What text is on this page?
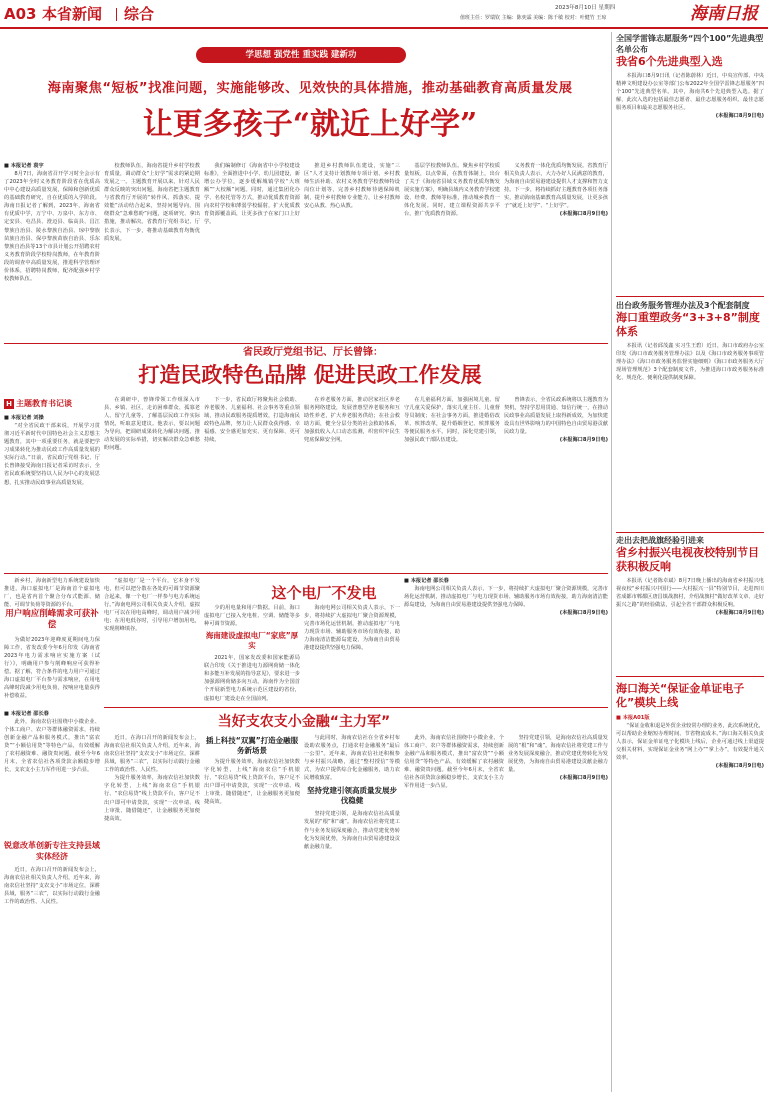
A03 本省新闻 综合	2023年8月10日 星期四
值班主任：罗瑞钦 主编：陈奕霖 美编：陈千敏 校对：叶健竹 王琼	海南日报
学思想 强党性 重实践 建新功
海南聚焦“短板”找准问题，实施能够改、见效快的具体措施，推动基础教育高质量发展
让更多孩子“就近上好学”
■ 本报记者 袁宇

8月7日，海南省召开学习时全会示有了2023年全时义务教育阶段省在优质高中中心建设高质量发展，保障和创新优质的基础教育研究，自在优质的入学阶段。海南日报记者了解到，2023年，海南省有优质中学，万宁中、万泉中、东方市、定安县、屯昌县、澄迈县、临高县、昌江黎族自治县、陵水黎族自治县、琼中黎族苗族自治县、保亭黎族苗族自治县、乐东黎族自治县等13个市县计划公开招聘农村义务教育阶段学校特岗教师，在年教育阶段的调查中高质量发展，推进科学管理评价体系，招聘特岗教师，配齐配强乡村学校教师队伍。

校教师队伍，海南省提升乡村学校教育质量，调动群众“上好学”需求的紧迫期发展之一。主题教育开展以来，针对人民群众反映的突出问题，海南省把主题教育与省教育厅开展的“转作风、抓落实、提效能”活动结合起来，坚持问题导向，围绕群众“急难愁盼”问题，逐项研究、拿出措施，推动解决。省教育厅党组书记、厅长表示，下一步，将推动基础教育均衡优质发展。

我们编制修订《海南省中小学校建设标准》，全面推进中小学、幼儿园建设，新增公办学位，逐步缓解城镇学校“大班额”“大校额”问题。同时，通过集团化办学、名校托管等方式，推动优质教育资源向农村学校和薄弱学校辐射，扩大优质教育资源覆盖面，让更多孩子在家门口上好学。

推进乡村教师队伍建设，实施“三区”人才支持计划教师专项计划、乡村教师生活补助、农村义务教育学校教师特设岗位计划等，完善乡村教师待遇保障机制，提升乡村教师专业能力，让乡村教师安心从教、热心从教。

基层学校教师队伍。聚焦乡村学校质量短板，以点带面，在教育体制上，出台了关于《海南省县域义务教育优质均衡发展实施方案》，明确县域内义务教育学校建设、经费、教师等标准，推动城乡教育一体化发展。同时，建立课程资源共享平台，推广优质教育资源。

义务教育一体化优质均衡发展。省教育厅相关负责人表示，大力办好人民满意的教育，为海南自由贸易港建设提供人才支撑和智力支持。下一步，将持续抓好主题教育各项任务落实，推动海南基础教育高质量发展，让更多孩子“就近上好学”、“上好学”。

(本报海口8月9日电)
省民政厅党组书记、厅长曾锋：
打造民政特色品牌 促进民政工作发展
H 主题教育书记谈
■ 本报记者 刘操

“对全省民政干部来说，开展学习贯彻习近平新时代中国特色社会主义思想主题教育，其中一项重要任务，就是要把学习成果转化为推动民政工作高质量发展的实际行动。”日前，省民政厅党组书记、厅长曾锋接受海南日报记者采访时表示，全省民政系统要坚持以人民为中心的发展思想，扎实推动民政事业高质量发展。

在调研中，曾锋带领工作组深入市县、乡镇、社区，走访困难群众、孤寡老人、留守儿童等，了解基层民政工作实际情况，听取意见建议。他表示，要以问题为导向，把调研成果转化为解决问题、推动发展的实际举措，切实解决群众急难愁盼问题。

下一步，省民政厅将聚焦社会救助、养老服务、儿童福利、社会事务等重点领域，推动民政服务提质增效，打造海南民政特色品牌，努力让人民群众获得感、幸福感、安全感更加充实、更有保障、更可持续。

在养老服务方面，推动居家社区养老服务网络建设，发展普惠型养老服务和互助性养老，扩大养老服务供给；在社会救助方面，健全分层分类的社会救助体系，加强低收入人口动态监测，织密织牢民生兜底保障安全网。

在儿童福利方面，加强困境儿童、留守儿童关爱保护，落实儿童主任、儿童督导员制度；在社会事务方面，推进婚俗改革、殡葬改革，提升婚姻登记、殡葬服务等便民服务水平。同时，深化党建引领，加强民政干部队伍建设。

曾锋表示，全省民政系统将以主题教育为契机，坚持学思用贯通、知信行统一，在推动民政事业高质量发展上取得新成效，为加快建设具有世界影响力的中国特色自由贸易港贡献民政力量。

(本报海口8月9日电)

新乡村，海南新型电力系统建设加快推进。海口虚拟电厂是海南首个虚拟电厂，也是省内首个聚合分布式能源、储能、可调节负荷等资源的平台。

这个电厂不发电
用户响应削峰需求可获补偿

为做好2023年迎峰度夏期间电力保障工作，省发改委今年6月印发《海南省2023年电力需求响应实施方案（试行）》，明确用户参与削峰响应可获得补偿。据了解，符合条件的电力用户可通过海口虚拟电厂平台参与需求响应，在用电高峰时段减少用电负荷，按响应电量获得补偿收益。

“虚拟电厂是一个平台，它本身不发电，但可以把分散在各处的可调节资源聚合起来，像一个电厂一样参与电力系统运行。”海南电网公司相关负责人介绍，虚拟电厂可以在用电高峰时，调动用户减少用电；在用电低谷时，引导用户增加用电，实现削峰填谷。

少的用电量和用户数据。目前，海口虚拟电厂已接入充电桩、空调、储能等多种可调节资源。

海南建设虚拟电厂“家底”厚实

2021年，国家发改委和国家能源局联合印发《关于推进电力源网荷储一体化和多能互补发展的指导意见》，要求进一步加强源网荷储多向互动。海南作为全国首个开展新型电力系统示范区建设的省份，虚拟电厂建设走在全国前列。

海南电网公司相关负责人表示，下一步，将持续扩大虚拟电厂聚合资源规模，完善市场化运营机制，推动虚拟电厂与电力现货市场、辅助服务市场有效衔接，助力海南清洁能源岛建设，为海南自由贸易港建设提供坚强电力保障。

■ 本报记者 邵长春

海南电网公司相关负责人表示，下一步，将持续扩大虚拟电厂聚合资源规模，完善市场化运营机制，推动虚拟电厂与电力现货市场、辅助服务市场有效衔接，助力海南清洁能源岛建设，为海南自由贸易港建设提供坚强电力保障。

(本报海口8月9日电)
当好支农支小金融“主力军”
■ 本报记者 邵长春

此外，海南农信社围绕中小微企业、个体工商户、农户等群体融资需求，持续创新金融产品和服务模式，推出“富农贷”“小额信用贷”等特色产品，有效缓解了农村融资难、融资贵问题。截至今年6月末，全省农信社各项贷款余额稳步增长，支农支小主力军作用进一步凸显。

锐意改革创新专注支持县域实体经济

近日，在海口召开的新闻发布会上，海南农信社相关负责人介绍，近年来，海南农信社坚持“支农支小”市场定位，深耕县域，服务“三农”，以实际行动践行金融工作的政治性、人民性。

近日，在海口召开的新闻发布会上，海南农信社相关负责人介绍，近年来，海南农信社坚持“支农支小”市场定位，深耕县域，服务“三农”，以实际行动践行金融工作的政治性、人民性。

为提升服务效率，海南农信社加快数字化转型，上线“海南农信”手机银行、“农信易贷”线上贷款平台，客户足不出户即可申请贷款，实现“一次申请、线上审批、随借随还”，让金融服务更加便捷高效。

插上科技“双翼”打造金融服务新场景

为提升服务效率，海南农信社加快数字化转型，上线“海南农信”手机银行、“农信易贷”线上贷款平台，客户足不出户即可申请贷款，实现“一次申请、线上审批、随借随还”，让金融服务更加便捷高效。

与此同时，海南农信社在全省乡村布设助农服务点，打通农村金融服务“最后一公里”。近年来，海南农信社还积极参与乡村振兴战略，通过“整村授信”等模式，为农户提供综合化金融服务，助力农民增收致富。

坚持党建引领高质量发展步伐稳健

坚持党建引领，是海南农信社高质量发展的“根”和“魂”。海南农信社将党建工作与业务发展深度融合，推动党建优势转化为发展优势，为海南自由贸易港建设贡献金融力量。

此外，海南农信社围绕中小微企业、个体工商户、农户等群体融资需求，持续创新金融产品和服务模式，推出“富农贷”“小额信用贷”等特色产品，有效缓解了农村融资难、融资贵问题。截至今年6月末，全省农信社各项贷款余额稳步增长，支农支小主力军作用进一步凸显。

坚持党建引领，是海南农信社高质量发展的“根”和“魂”。海南农信社将党建工作与业务发展深度融合，推动党建优势转化为发展优势，为海南自由贸易港建设贡献金融力量。

(本报海口8月9日电)
全国学雷锋志愿服务“四个100”先进典型名单公布
我省6个先进典型入选

本报海口8月9日讯（记者陈蔚林）近日，中央宣传部、中央精神文明建设办公室等部门公布2022年全国学雷锋志愿服务“四个100”先进典型名单。其中，海南共6个先进典型入选。据了解，此次入选的包括最佳志愿者、最佳志愿服务组织、最佳志愿服务项目和最美志愿服务社区。

(本报海口8月9日电)
出台政务服务管理办法及3个配套制度
海口重塑政务“3+3+8”制度体系

本报讯（记者邱茂鑫 实习生王碧）近日，海口市政府办公室印发《海口市政务服务管理办法》以及《海口市政务服务事项管理办法》《海口市政务服务监督实施细则》《海口市政务服务大厅现场管理规范》3个配套制度文件，为推进海口市政务服务标准化、规范化、便利化提供制度保障。

走出去把战旗经验引进来
省乡村振兴电视夜校特别节目获积极反响

本报讯（记者陈卓斌）8月7日晚上播出的海南省乡村振兴电视夜校“乡村振兴中国行——大村振兴一县”特别节目，走进四川省成都市郫都区唐昌镇战旗村，介绍战旗村“做好改革文章、走好振兴之路”的经验做法，引起全省干部群众积极反响。

(本报海口8月9日电)
海口海关“保证金单证电子化”模块上线
■ 本报A01版

“保证金收和退是外贸企业较常办理的业务，此次系统优化，可以帮助企业缩短办理时间、节省物流成本。”海口海关相关负责人表示，保证金单证电子化模块上线后，企业可通过线上渠道提交相关材料，实现保证金业务“网上办”“掌上办”，有效提升通关效率。

(本报海口8月9日电)
